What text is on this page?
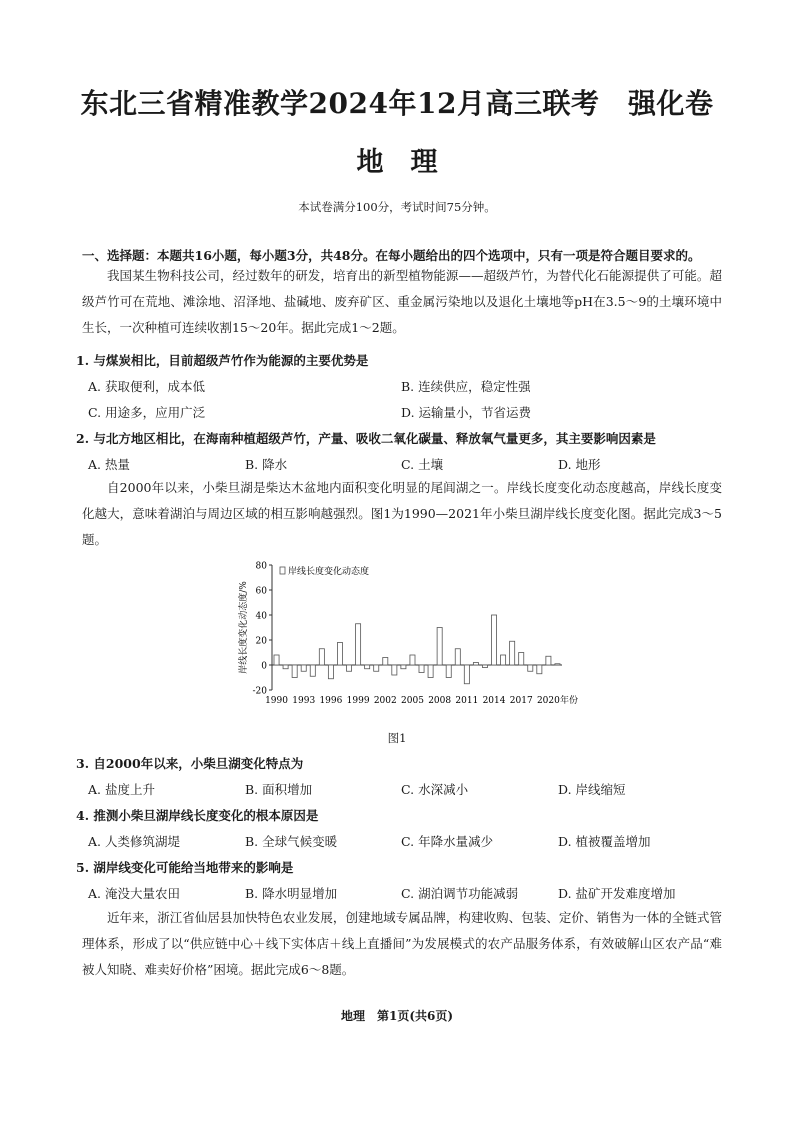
东北三省精准教学2024年12月高三联考　强化卷
地　理
本试卷满分100分，考试时间75分钟。
一、选择题：本题共16小题，每小题3分，共48分。在每小题给出的四个选项中，只有一项是符合题目要求的。
我国某生物科技公司，经过数年的研发，培育出的新型植物能源——超级芦竹，为替代化石能源提供了可能。超级芦竹可在荒地、滩涂地、沼泽地、盐碱地、废弃矿区、重金属污染地以及退化土壤地等pH在3.5～9的土壤环境中生长，一次种植可连续收割15～20年。据此完成1～2题。
1. 与煤炭相比，目前超级芦竹作为能源的主要优势是
A. 获取便利，成本低	B. 连续供应，稳定性强
C. 用途多，应用广泛	D. 运输量小，节省运费
2. 与北方地区相比，在海南种植超级芦竹，产量、吸收二氧化碳量、释放氧气量更多，其主要影响因素是
A. 热量	B. 降水	C. 土壤	D. 地形
自2000年以来，小柴旦湖是柴达木盆地内面积变化明显的尾闾湖之一。岸线长度变化动态度越高，岸线长度变化越大，意味着湖泊与周边区域的相互影响越强烈。图1为1990—2021年小柴旦湖岸线长度变化图。据此完成3～5题。
-20
0
20
40
60
80
1990 1993 1996 1999 2002 2005 2008 2011 2014 2017 2020 年份
岸线长度变化动态度/%
岸线长度变化动态度
图1
3. 自2000年以来，小柴旦湖变化特点为
A. 盐度上升	B. 面积增加	C. 水深减小	D. 岸线缩短
4. 推测小柴旦湖岸线长度变化的根本原因是
A. 人类修筑湖堤	B. 全球气候变暖	C. 年降水量减少	D. 植被覆盖增加
5. 湖岸线变化可能给当地带来的影响是
A. 淹没大量农田	B. 降水明显增加	C. 湖泊调节功能减弱	D. 盐矿开发难度增加
近年来，浙江省仙居县加快特色农业发展，创建地域专属品牌，构建收购、包装、定价、销售为一体的全链式管理体系，形成了以“供应链中心＋线下实体店＋线上直播间”为发展模式的农产品服务体系，有效破解山区农产品“难被人知晓、难卖好价格”困境。据此完成6～8题。
地理　第1页(共6页)
